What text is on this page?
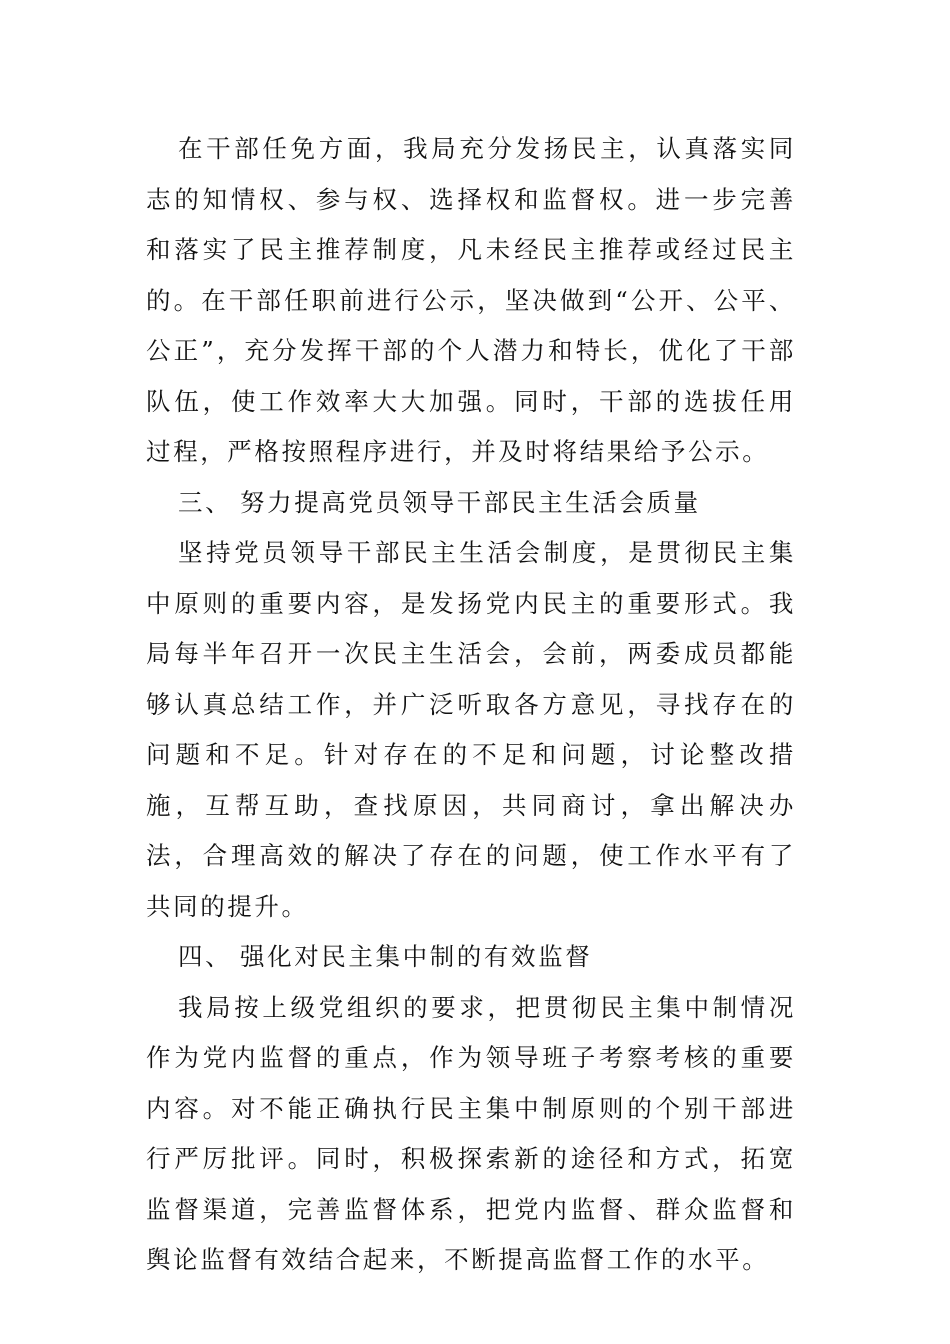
在干部任免方面，我局充分发扬民主，认真落实同志的知情权、参与权、选择权和监督权。进一步完善和落实了民主推荐制度，凡未经民主推荐或经过民主的。在干部任职前进行公示，坚决做到“公开、公平、公正”，充分发挥干部的个人潜力和特长，优化了干部队伍，使工作效率大大加强。同时，干部的选拔任用过程，严格按照程序进行，并及时将结果给予公示。

三、 努力提高党员领导干部民主生活会质量

坚持党员领导干部民主生活会制度，是贯彻民主集中原则的重要内容，是发扬党内民主的重要形式。我局每半年召开一次民主生活会，会前，两委成员都能够认真总结工作，并广泛听取各方意见，寻找存在的问题和不足。针对存在的不足和问题，讨论整改措施，互帮互助，查找原因，共同商讨，拿出解决办法，合理高效的解决了存在的问题，使工作水平有了共同的提升。

四、 强化对民主集中制的有效监督

我局按上级党组织的要求，把贯彻民主集中制情况作为党内监督的重点，作为领导班子考察考核的重要内容。对不能正确执行民主集中制原则的个别干部进行严厉批评。同时，积极探索新的途径和方式，拓宽监督渠道，完善监督体系，把党内监督、群众监督和舆论监督有效结合起来，不断提高监督工作的水平。
